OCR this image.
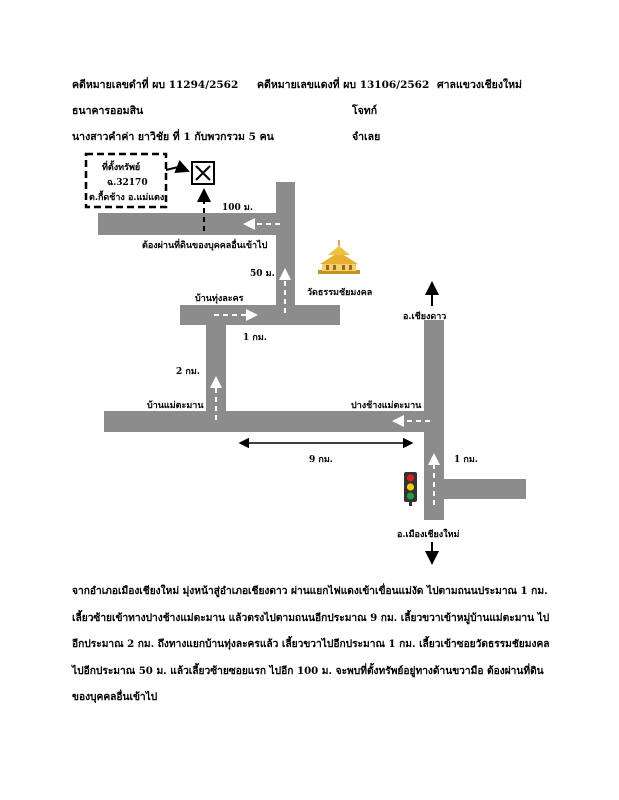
คดีหมายเลขดำที่ ผบ 11294/2562 คดีหมายเลขแดงที่ ผบ 13106/2562 ศาลแขวงเชียงใหม่
ธนาคารออมสิน	โจทก์
นางสาวคำค่า ยาวิชัย ที่ 1 กับพวกรวม 5 คน	จำเลย
ที่ตั้งทรัพย์
ฉ.32170
ต.กื้ดช้าง อ.แม่แตง
100 ม.
ต้องผ่านที่ดินของบุคคลอื่นเข้าไป
50 ม.
วัดธรรมชัยมงคล
บ้านทุ่งละคร
1 กม.
อ.เชียงดาว
2 กม.
บ้านแม่ตะมาน	ปางช้างแม่ตะมาน
9 กม.	1 กม.
อ.เมืองเชียงใหม่
จากอำเภอเมืองเชียงใหม่ มุ่งหน้าสู่อำเภอเชียงดาว ผ่านแยกไฟแดงเข้าเขื่อนแม่งัด ไปตามถนนประมาณ 1 กม.
เลี้ยวซ้ายเข้าทางปางช้างแม่ตะมาน แล้วตรงไปตามถนนอีกประมาณ 9 กม. เลี้ยวขวาเข้าหมู่บ้านแม่ตะมาน ไป
อีกประมาณ 2 กม. ถึงทางแยกบ้านทุ่งละครแล้ว เลี้ยวขวาไปอีกประมาณ 1 กม. เลี้ยวเข้าซอยวัดธรรมชัยมงคล
ไปอีกประมาณ 50 ม. แล้วเลี้ยวซ้ายซอยแรก ไปอีก 100 ม. จะพบที่ตั้งทรัพย์อยู่ทางด้านขวามือ ต้องผ่านที่ดิน
ของบุคคลอื่นเข้าไป
